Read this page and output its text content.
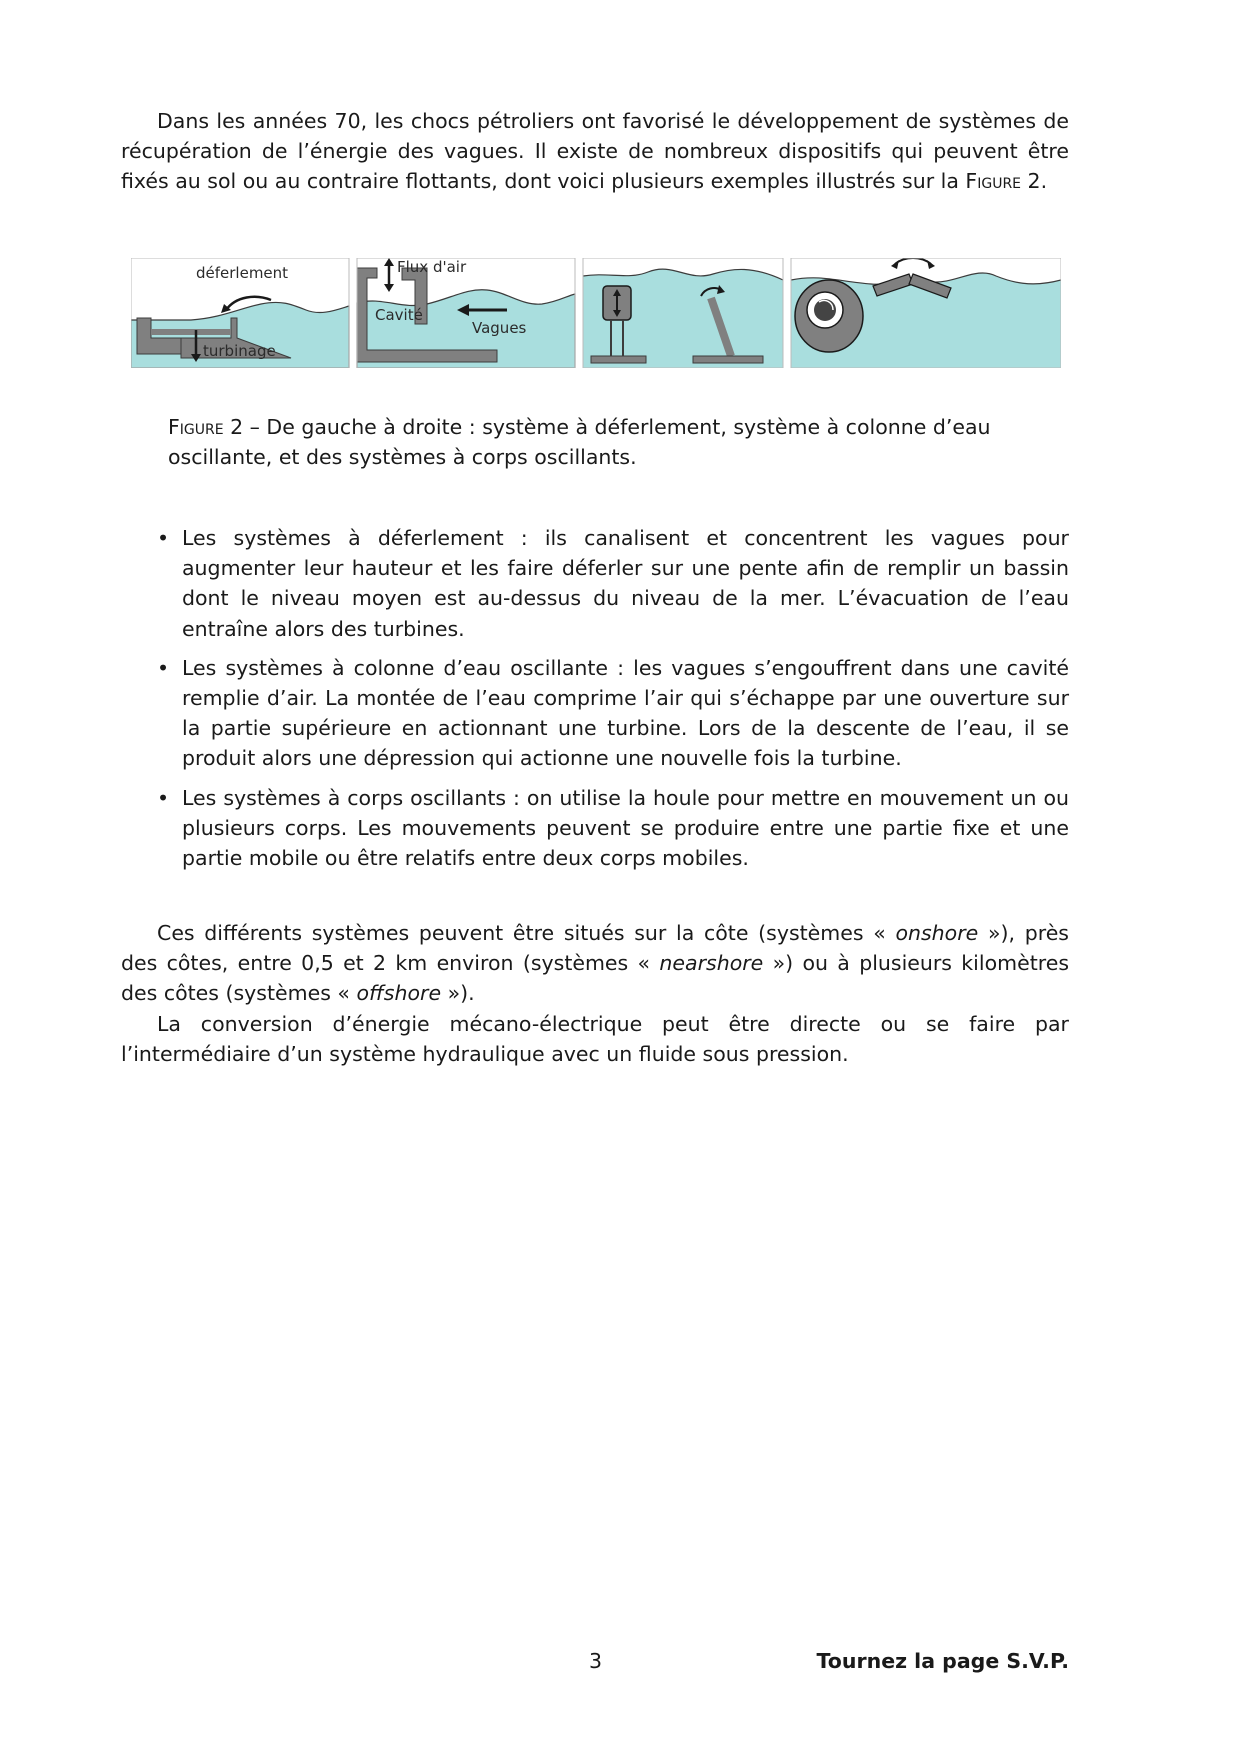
Dans les années 70, les chocs pétroliers ont favorisé le développement de systèmes de récupération de l’énergie des vagues. Il existe de nombreux dispositifs qui peuvent être fixés au sol ou au contraire flottants, dont voici plusieurs exemples illustrés sur la Figure 2.

déferlement
turbinage
Flux d'air
Cavité
Vagues
Figure 2 – De gauche à droite : système à déferlement, système à colonne d’eau oscillante, et des systèmes à corps oscillants.
• Les systèmes à déferlement : ils canalisent et concentrent les vagues pour augmenter leur hauteur et les faire déferler sur une pente afin de remplir un bassin dont le niveau moyen est au-dessus du niveau de la mer. L’évacuation de l’eau entraîne alors des turbines.
• Les systèmes à colonne d’eau oscillante : les vagues s’engouffrent dans une cavité remplie d’air. La montée de l’eau comprime l’air qui s’échappe par une ouverture sur la partie supérieure en actionnant une turbine. Lors de la descente de l’eau, il se produit alors une dépression qui actionne une nouvelle fois la turbine.
• Les systèmes à corps oscillants : on utilise la houle pour mettre en mouvement un ou plusieurs corps. Les mouvements peuvent se produire entre une partie fixe et une partie mobile ou être relatifs entre deux corps mobiles.

Ces différents systèmes peuvent être situés sur la côte (systèmes « onshore »), près des côtes, entre 0,5 et 2 km environ (systèmes « nearshore ») ou à plusieurs kilomètres des côtes (systèmes « offshore »).

La conversion d’énergie mécano-électrique peut être directe ou se faire par l’intermédiaire d’un système hydraulique avec un fluide sous pression.

3	Tournez la page S.V.P.
